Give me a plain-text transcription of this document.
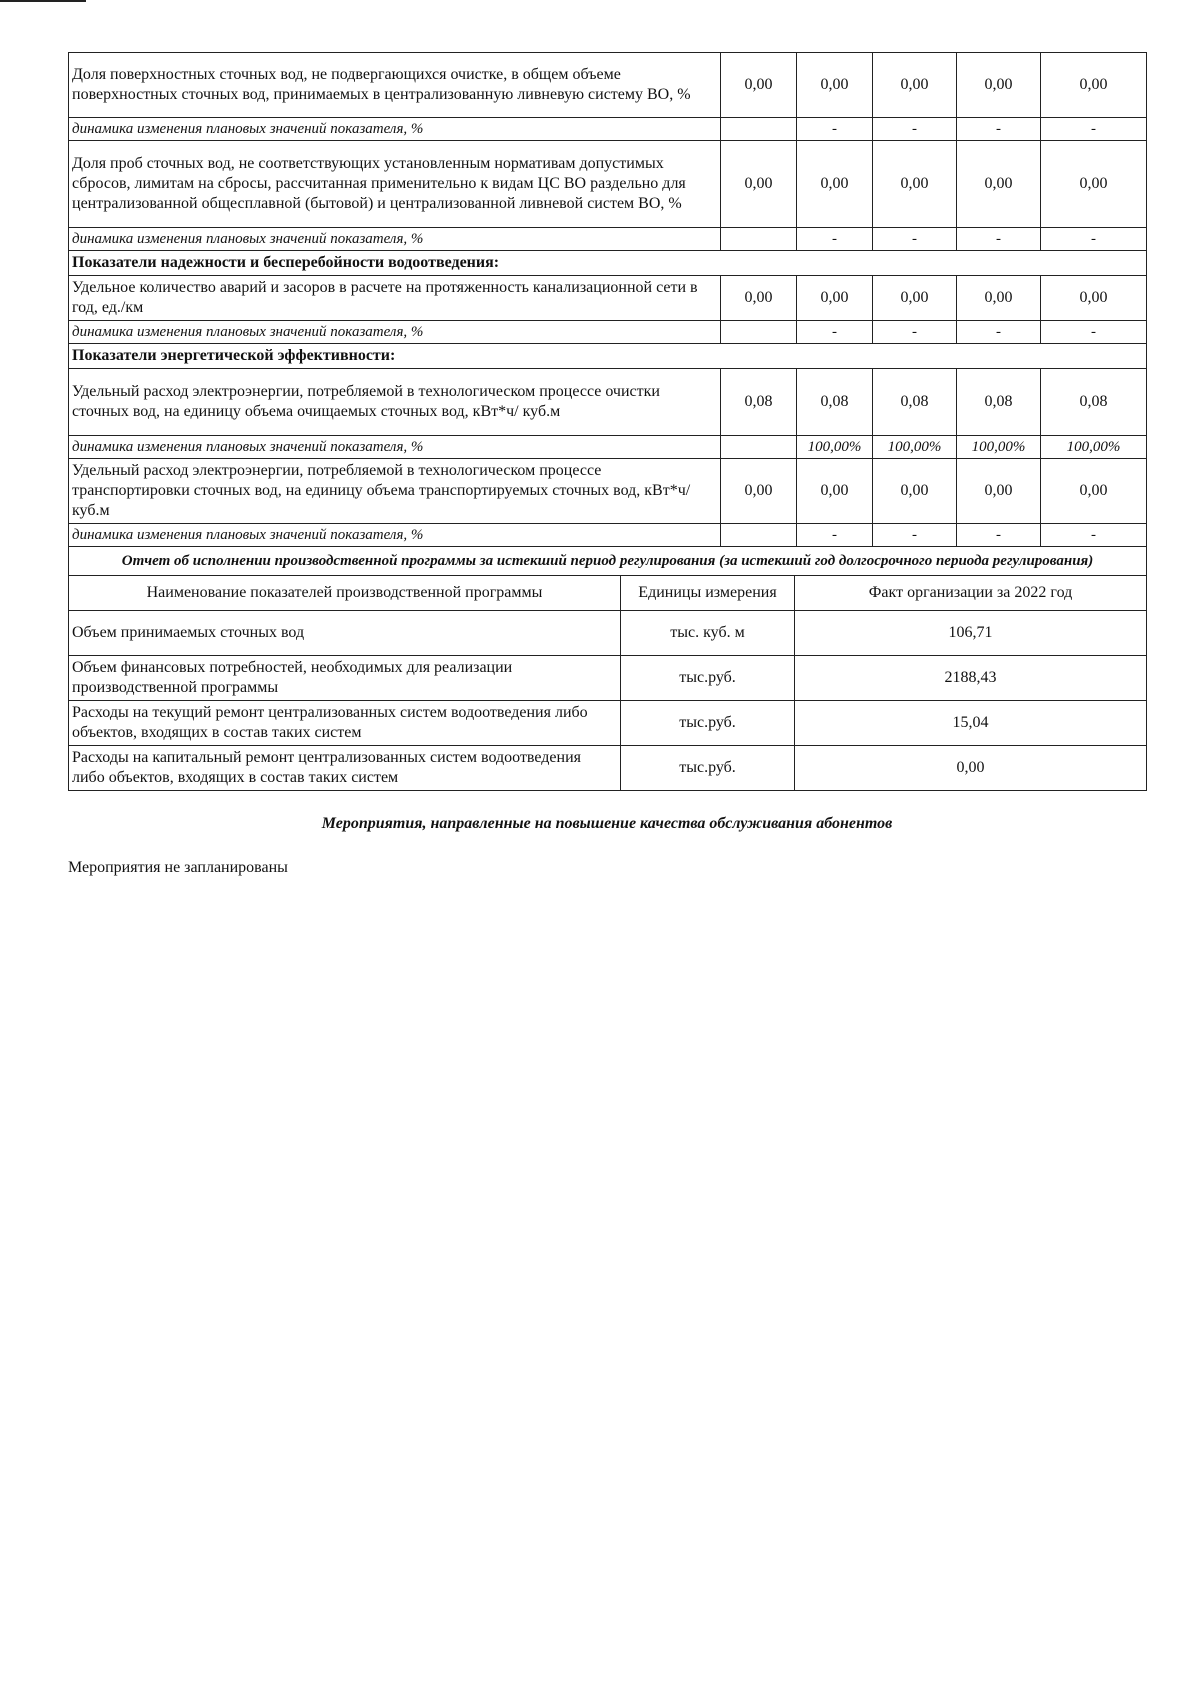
Доля поверхностных сточных вод, не подвергающихся очистке, в общем объеме поверхностных сточных вод, принимаемых в централизованную ливневую систему ВО, %	0,00	0,00	0,00	0,00	0,00
динамика изменения плановых значений показателя, %		-	-	-	-
Доля проб сточных вод, не соответствующих установленным нормативам допустимых сбросов, лимитам на сбросы, рассчитанная применительно к видам ЦС ВО раздельно для централизованной общесплавной (бытовой) и централизованной ливневой систем ВО, %	0,00	0,00	0,00	0,00	0,00
динамика изменения плановых значений показателя, %		-	-	-	-
Показатели надежности и бесперебойности водоотведения:					
Удельное количество аварий и засоров в расчете на протяженность канализационной сети в год, ед./км	0,00	0,00	0,00	0,00	0,00
динамика изменения плановых значений показателя, %		-	-	-	-
Показатели энергетической эффективности:					
Удельный расход электроэнергии, потребляемой в технологическом процессе очистки сточных вод, на единицу объема очищаемых сточных вод, кВт*ч/ куб.м	0,08	0,08	0,08	0,08	0,08
динамика изменения плановых значений показателя, %		100,00%	100,00%	100,00%	100,00%
Удельный расход электроэнергии, потребляемой в технологическом процессе транспортировки сточных вод, на единицу объема транспортируемых сточных вод, кВт*ч/ куб.м	0,00	0,00	0,00	0,00	0,00
динамика изменения плановых значений показателя, %		-	-	-	-
Отчет об исполнении производственной программы за истекший период регулирования (за истекший год долгосрочного периода регулирования)		
Наименование показателей производственной программы	Единицы измерения	Факт организации за 2022 год
Объем принимаемых сточных вод	тыс. куб. м	106,71
Объем финансовых потребностей, необходимых для реализации производственной программы	тыс.руб.	2188,43
Расходы на текущий ремонт централизованных систем водоотведения либо объектов, входящих в состав таких систем	тыс.руб.	15,04
Расходы на капитальный ремонт централизованных систем водоотведения либо объектов, входящих в состав таких систем	тыс.руб.	0,00
Мероприятия, направленные на повышение качества обслуживания абонентов
Мероприятия не запланированы
